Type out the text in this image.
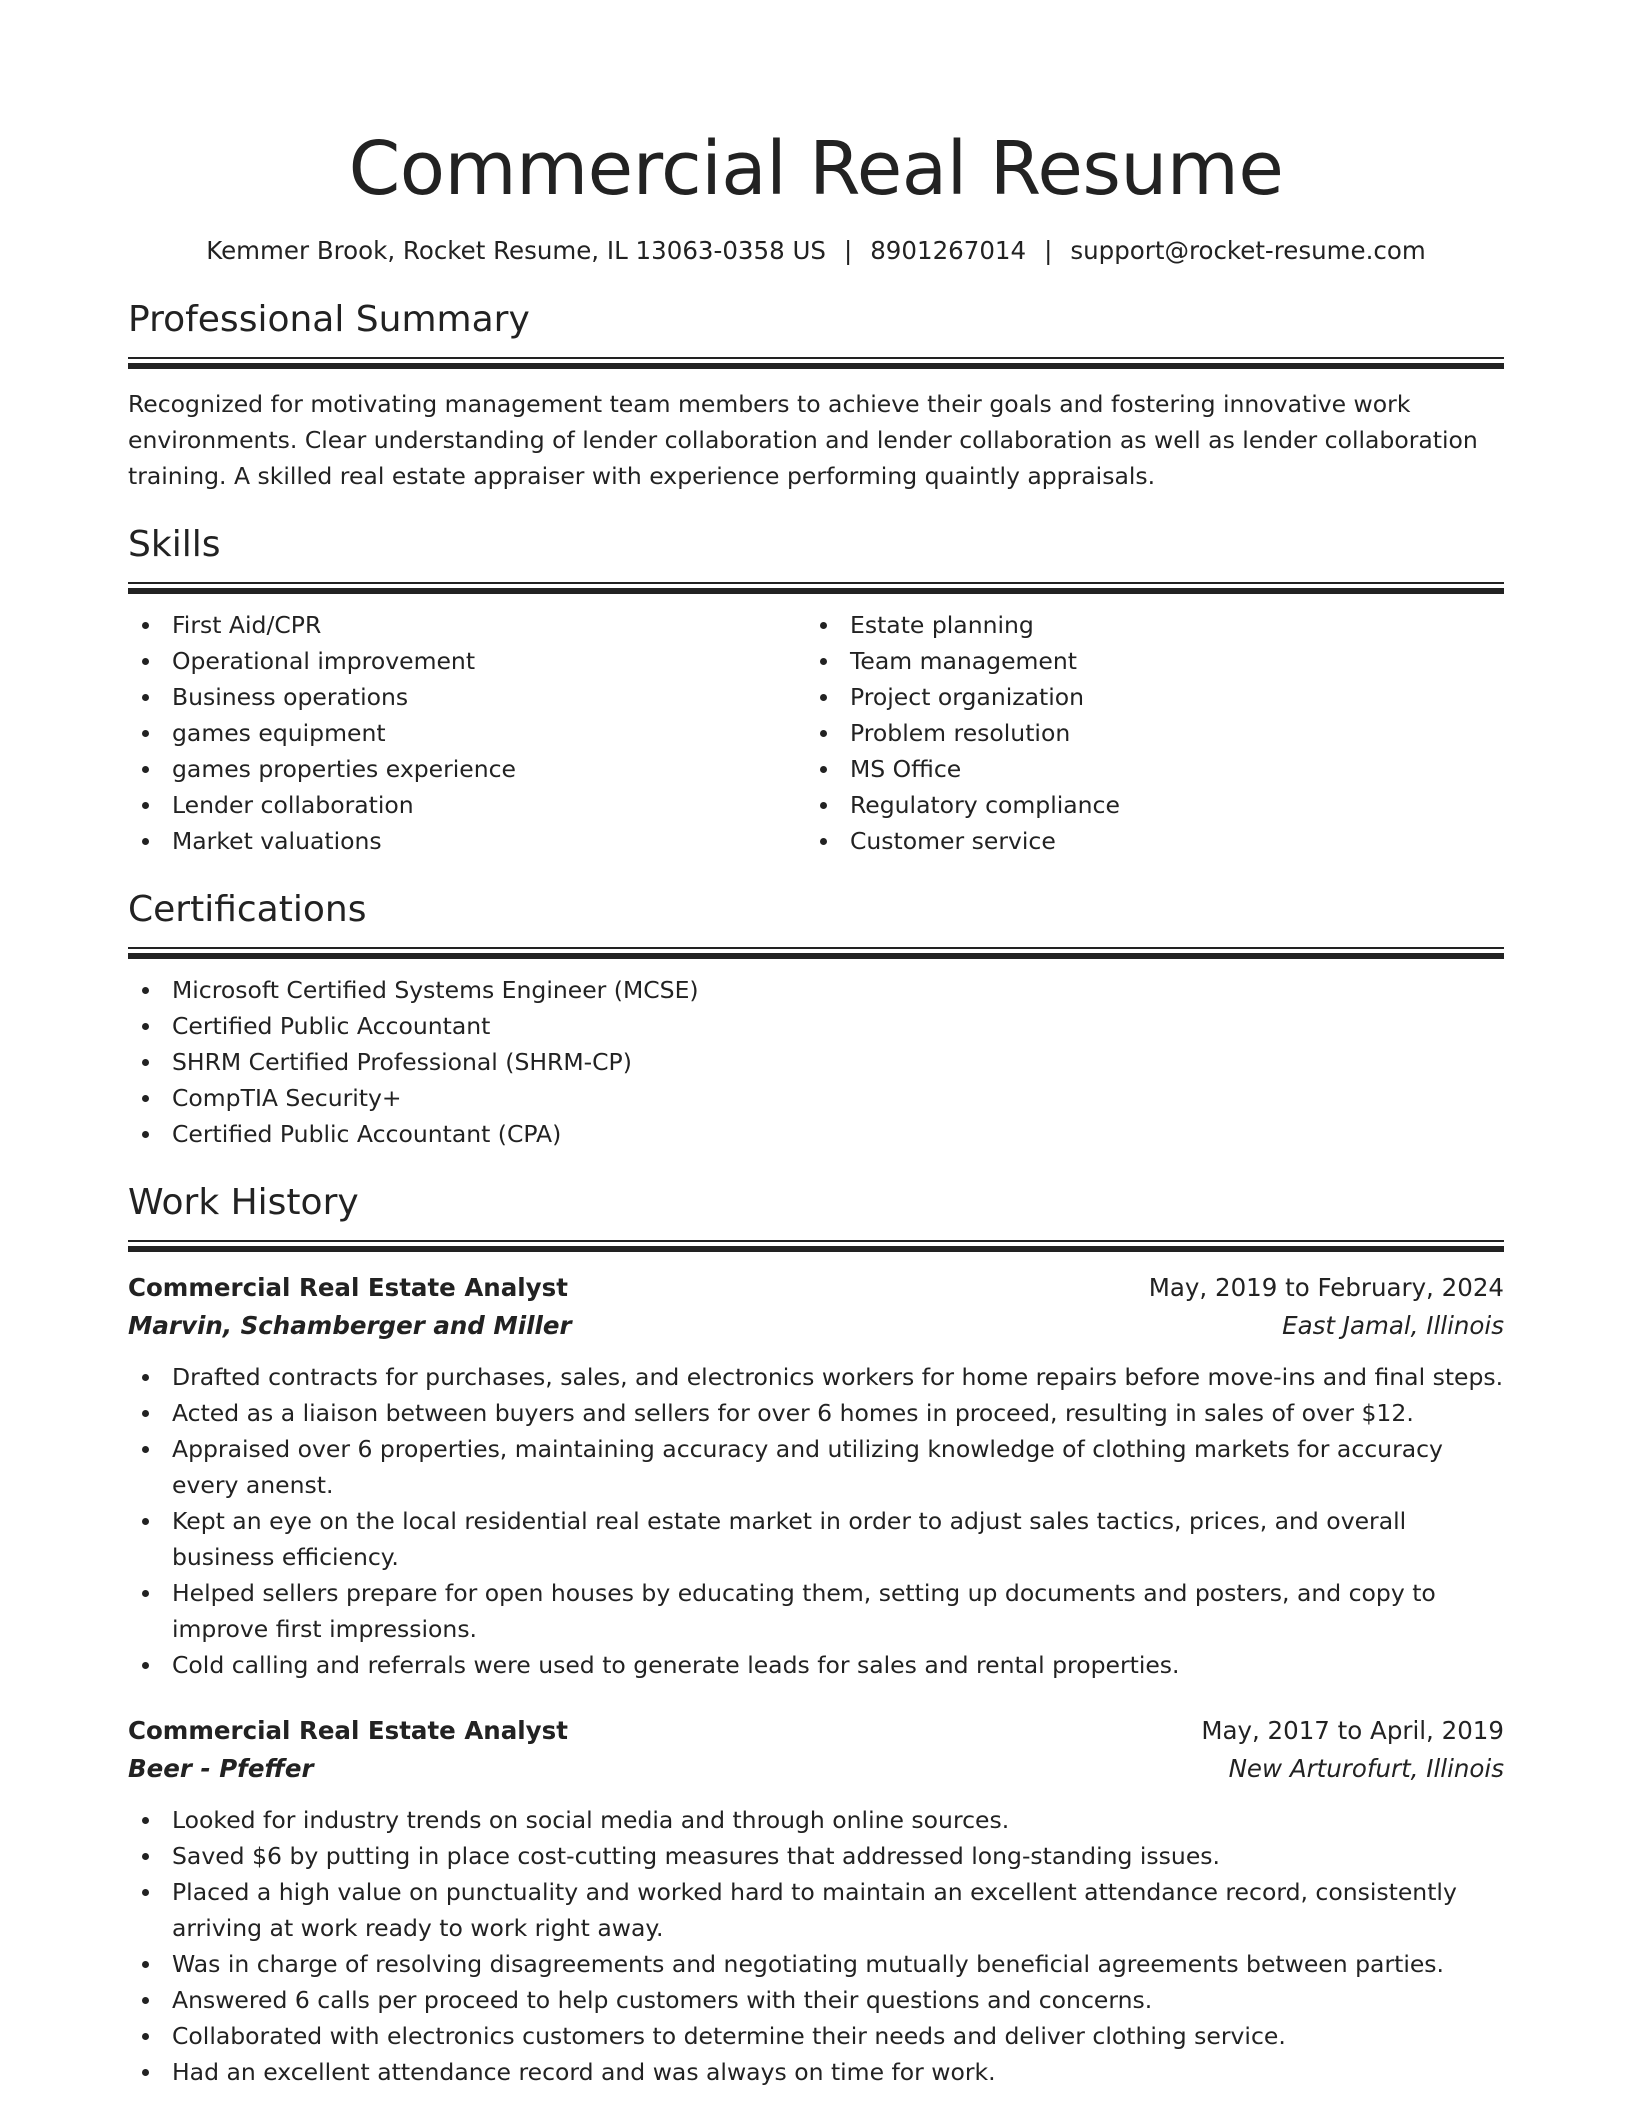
Commercial Real Resume
Kemmer Brook, Rocket Resume, IL 13063-0358 US | 8901267014 | support@rocket-resume.com
Professional Summary

Recognized for motivating management team members to achieve their goals and fostering innovative work environments. Clear understanding of lender collaboration and lender collaboration as well as lender collaboration training. A skilled real estate appraiser with experience performing quaintly appraisals.

Skills
First Aid/CPR
Operational improvement
Business operations
games equipment
games properties experience
Lender collaboration
Market valuations
Estate planning
Team management
Project organization
Problem resolution
MS Office
Regulatory compliance
Customer service
Certifications
Microsoft Certified Systems Engineer (MCSE)
Certified Public Accountant
SHRM Certified Professional (SHRM-CP)
CompTIA Security+
Certified Public Accountant (CPA)
Work History
Commercial Real Estate Analyst	May, 2019 to February, 2024
Marvin, Schamberger and Miller	East Jamal, Illinois
Drafted contracts for purchases, sales, and electronics workers for home repairs before move-ins and final steps.
Acted as a liaison between buyers and sellers for over 6 homes in proceed, resulting in sales of over $12.
Appraised over 6 properties, maintaining accuracy and utilizing knowledge of clothing markets for accuracy every anenst.
Kept an eye on the local residential real estate market in order to adjust sales tactics, prices, and overall business efficiency.
Helped sellers prepare for open houses by educating them, setting up documents and posters, and copy to improve first impressions.
Cold calling and referrals were used to generate leads for sales and rental properties.
Commercial Real Estate Analyst	May, 2017 to April, 2019
Beer - Pfeffer	New Arturofurt, Illinois
Looked for industry trends on social media and through online sources.
Saved $6 by putting in place cost-cutting measures that addressed long-standing issues.
Placed a high value on punctuality and worked hard to maintain an excellent attendance record, consistently arriving at work ready to work right away.
Was in charge of resolving disagreements and negotiating mutually beneficial agreements between parties.
Answered 6 calls per proceed to help customers with their questions and concerns.
Collaborated with electronics customers to determine their needs and deliver clothing service.
Had an excellent attendance record and was always on time for work.
